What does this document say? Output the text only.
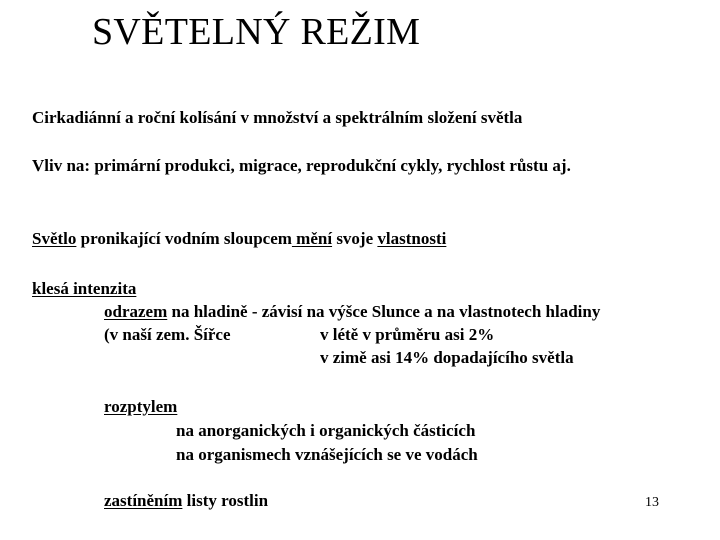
SVĚTELNÝ REŽIM
Cirkadiánní a roční kolísání v množství a spektrálním složení světla
Vliv na: primární produkci, migrace, reprodukční cykly, rychlost růstu aj.
Světlo pronikající vodním sloupcem mění svoje vlastnosti
klesá intenzita
odrazem na hladině - závisí na výšce Slunce a na vlastnotech hladiny
(v naší zem. Šířce	v létě v průměru asi 2%
v zimě asi 14% dopadajícího světla
rozptylem
na anorganických i organických částicích
na organismech vznášejících se ve vodách
zastíněním listy rostlin	13
